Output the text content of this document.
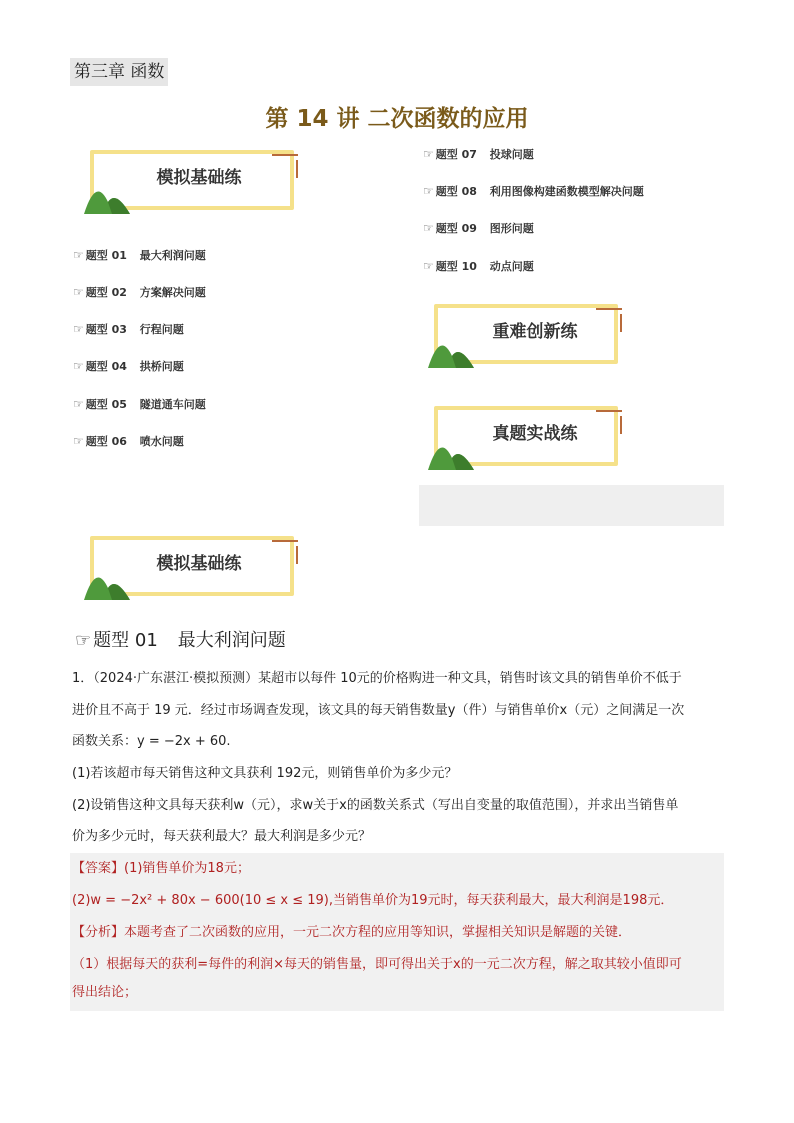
第三章 函数
第 14 讲 二次函数的应用
模拟基础练
☞ 题型 01 最大利润问题
☞ 题型 02 方案解决问题
☞ 题型 03 行程问题
☞ 题型 04 拱桥问题
☞ 题型 05 隧道通车问题
☞ 题型 06 喷水问题
☞ 题型 07 投球问题
☞ 题型 08 利用图像构建函数模型解决问题
☞ 题型 09 图形问题
☞ 题型 10 动点问题
重难创新练
真题实战练
模拟基础练
☞ 题型 01 最大利润问题
1．（2024·广东湛江·模拟预测）某超市以每件 10元的价格购进一种文具，销售时该文具的销售单价不低于
进价且不高于 19 元．经过市场调查发现，该文具的每天销售数量y（件）与销售单价x（元）之间满足一次
函数关系：y = −2x + 60.
(1)若该超市每天销售这种文具获利 192元，则销售单价为多少元？
(2)设销售这种文具每天获利w（元），求w关于x的函数关系式（写出自变量的取值范围），并求出当销售单
价为多少元时，每天获利最大？最大利润是多少元？
【答案】(1)销售单价为18元；
(2)w = −2x² + 80x − 600(10 ≤ x ≤ 19),当销售单价为19元时，每天获利最大，最大利润是198元．
【分析】本题考查了二次函数的应用，一元二次方程的应用等知识，掌握相关知识是解题的关键．
（1）根据每天的获利=每件的利润×每天的销售量，即可得出关于x的一元二次方程，解之取其较小值即可
得出结论；
